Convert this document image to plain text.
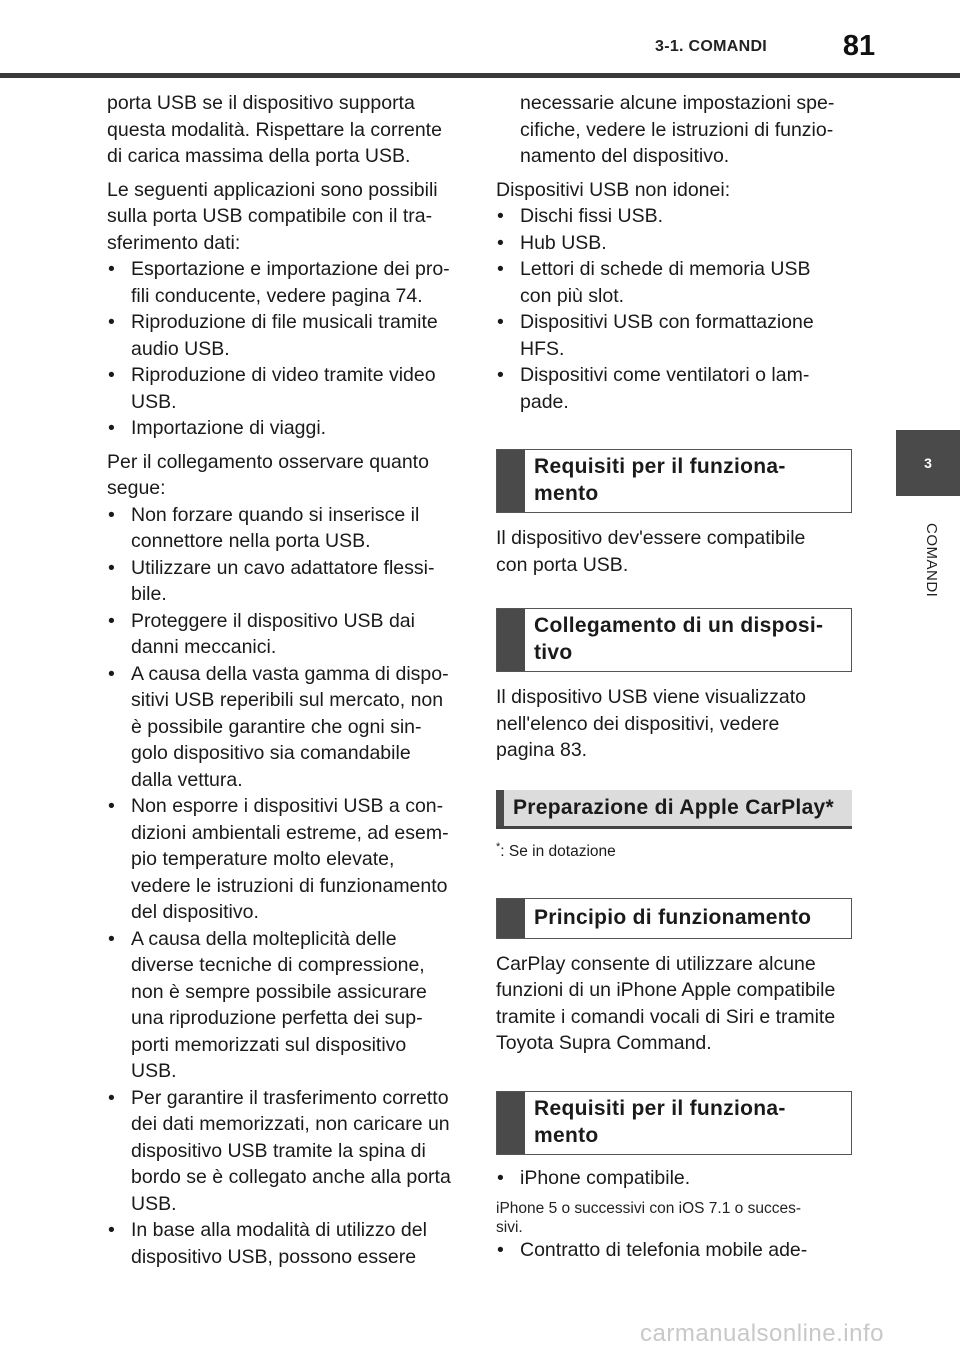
3-1. COMANDI	81
3
COMANDI

porta USB se il dispositivo supporta
questa modalità. Rispettare la corrente
di carica massima della porta USB.

Le seguenti applicazioni sono possibili
sulla porta USB compatibile con il tra-
sferimento dati:

• Esportazione e importazione dei pro-
fili conducente, vedere pagina 74.

• Riproduzione di file musicali tramite
audio USB.

• Riproduzione di video tramite video
USB.

• Importazione di viaggi.

Per il collegamento osservare quanto
segue:

• Non forzare quando si inserisce il
connettore nella porta USB.

• Utilizzare un cavo adattatore flessi-
bile.

• Proteggere il dispositivo USB dai
danni meccanici.

• A causa della vasta gamma di dispo-
sitivi USB reperibili sul mercato, non
è possibile garantire che ogni sin-
golo dispositivo sia comandabile
dalla vettura.

• Non esporre i dispositivi USB a con-
dizioni ambientali estreme, ad esem-
pio temperature molto elevate,
vedere le istruzioni di funzionamento
del dispositivo.

• A causa della molteplicità delle
diverse tecniche di compressione,
non è sempre possibile assicurare
una riproduzione perfetta dei sup-
porti memorizzati sul dispositivo
USB.

• Per garantire il trasferimento corretto
dei dati memorizzati, non caricare un
dispositivo USB tramite la spina di
bordo se è collegato anche alla porta
USB.

• In base alla modalità di utilizzo del
dispositivo USB, possono essere

necessarie alcune impostazioni spe-
cifiche, vedere le istruzioni di funzio-
namento del dispositivo.

Dispositivi USB non idonei:

• Dischi fissi USB.

• Hub USB.

• Lettori di schede di memoria USB
con più slot.

• Dispositivi USB con formattazione
HFS.

• Dispositivi come ventilatori o lam-
pade.

Requisiti per il funziona-
mento

Il dispositivo dev'essere compatibile
con porta USB.

Collegamento di un disposi-
tivo

Il dispositivo USB viene visualizzato
nell'elenco dei dispositivi, vedere
pagina 83.

Preparazione di Apple CarPlay*

*: Se in dotazione

Principio di funzionamento

CarPlay consente di utilizzare alcune
funzioni di un iPhone Apple compatibile
tramite i comandi vocali di Siri e tramite
Toyota Supra Command.

Requisiti per il funziona-
mento

• iPhone compatibile.

iPhone 5 o successivi con iOS 7.1 o succes-
sivi.

• Contratto di telefonia mobile ade-

carmanualsonline.info
